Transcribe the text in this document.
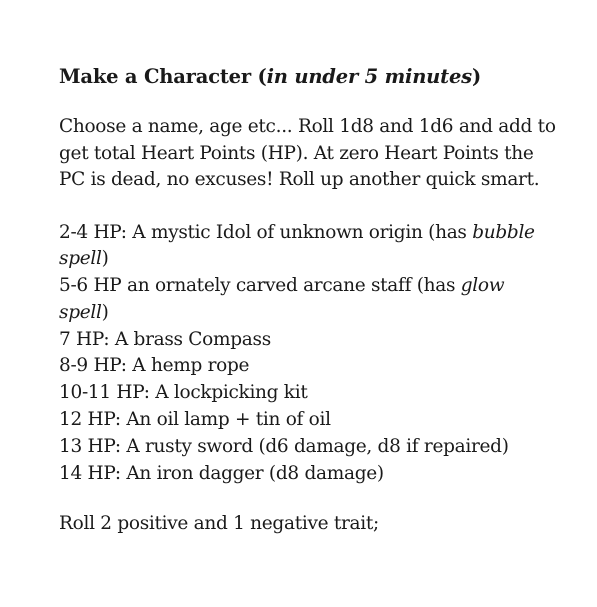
Make a Character (in under 5 minutes)

Choose a name, age etc... Roll 1d8 and 1d6 and add to get total Heart Points (HP). At zero Heart Points the PC is dead, no excuses! Roll up another quick smart.

2-4 HP: A mystic Idol of unknown origin (has bubble spell)
5-6 HP an ornately carved arcane staff (has glow spell)
7 HP: A brass Compass
8-9 HP: A hemp rope
10-11 HP: A lockpicking kit
12 HP: An oil lamp + tin of oil
13 HP: A rusty sword (d6 damage, d8 if repaired)
14 HP: An iron dagger (d8 damage)

Roll 2 positive and 1 negative trait;
